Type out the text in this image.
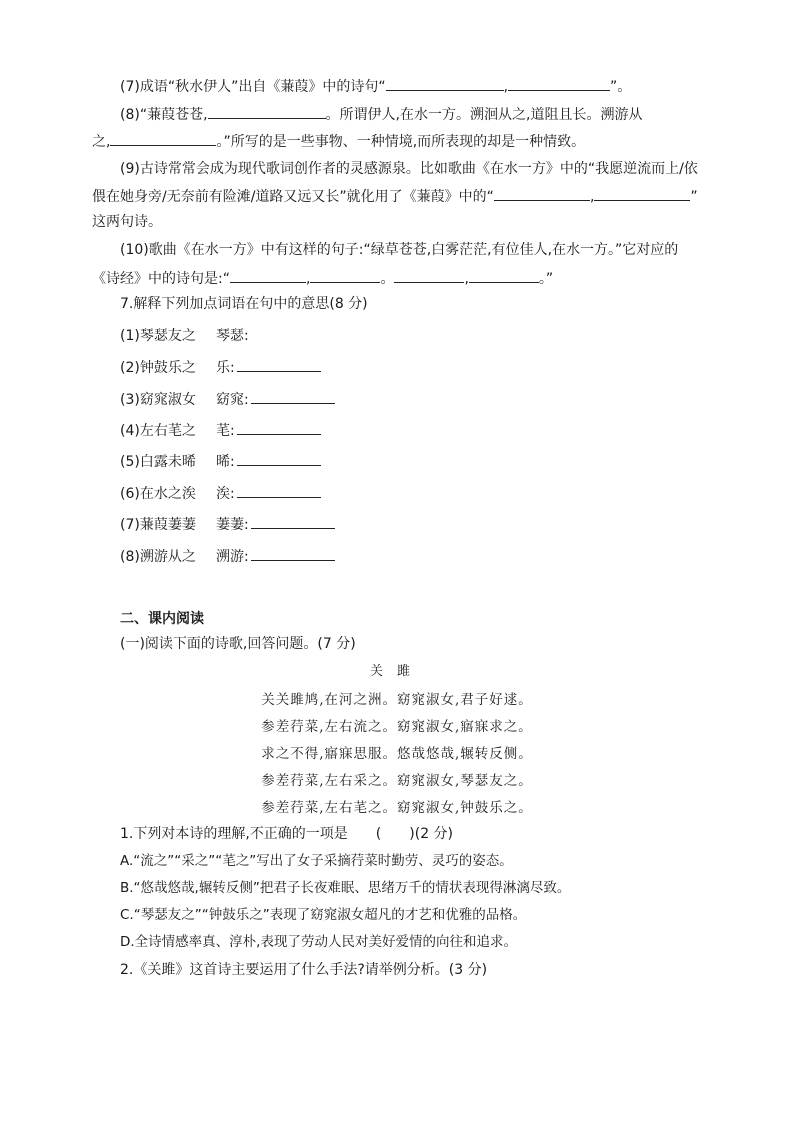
(7)成语“秋水伊人”出自《蒹葭》中的诗句“	,	”。
(8)“蒹葭苍苍,	。所谓伊人,在水一方。溯洄从之,道阻且长。溯游从
之,	。”所写的是一些事物、一种情境,而所表现的却是一种情致。
(9)古诗常常会成为现代歌词创作者的灵感源泉。比如歌曲《在水一方》中的“我愿逆流而上/依
偎在她身旁/无奈前有险滩/道路又远又长”就化用了《蒹葭》中的“	,	”
这两句诗。
(10)歌曲《在水一方》中有这样的句子:“绿草苍苍,白雾茫茫,有位佳人,在水一方。”它对应的
《诗经》中的诗句是:“	,	。	,	。”
7.解释下列加点词语在句中的意思(8 分)
(1)琴瑟友之 琴瑟:
(2)钟鼓乐之 乐:
(3)窈窕淑女 窈窕:
(4)左右芼之 芼:
(5)白露未晞 晞:
(6)在水之涘 涘:
(7)蒹葭萋萋 萋萋:
(8)溯游从之 溯游:
二、课内阅读
(一)阅读下面的诗歌,回答问题。(7 分)
关雎
关关雎鸠,在河之洲。窈窕淑女,君子好逑。
参差荇菜,左右流之。窈窕淑女,寤寐求之。
求之不得,寤寐思服。悠哉悠哉,辗转反侧。
参差荇菜,左右采之。窈窕淑女,琴瑟友之。
参差荇菜,左右芼之。窈窕淑女,钟鼓乐之。
1.下列对本诗的理解,不正确的一项是　　(　　)(2 分)
A.“流之”“采之”“芼之”写出了女子采摘荇菜时勤劳、灵巧的姿态。
B.“悠哉悠哉,辗转反侧”把君子长夜难眠、思绪万千的情状表现得淋漓尽致。
C.“琴瑟友之”“钟鼓乐之”表现了窈窕淑女超凡的才艺和优雅的品格。
D.全诗情感率真、淳朴,表现了劳动人民对美好爱情的向往和追求。
2.《关雎》这首诗主要运用了什么手法?请举例分析。(3 分)
